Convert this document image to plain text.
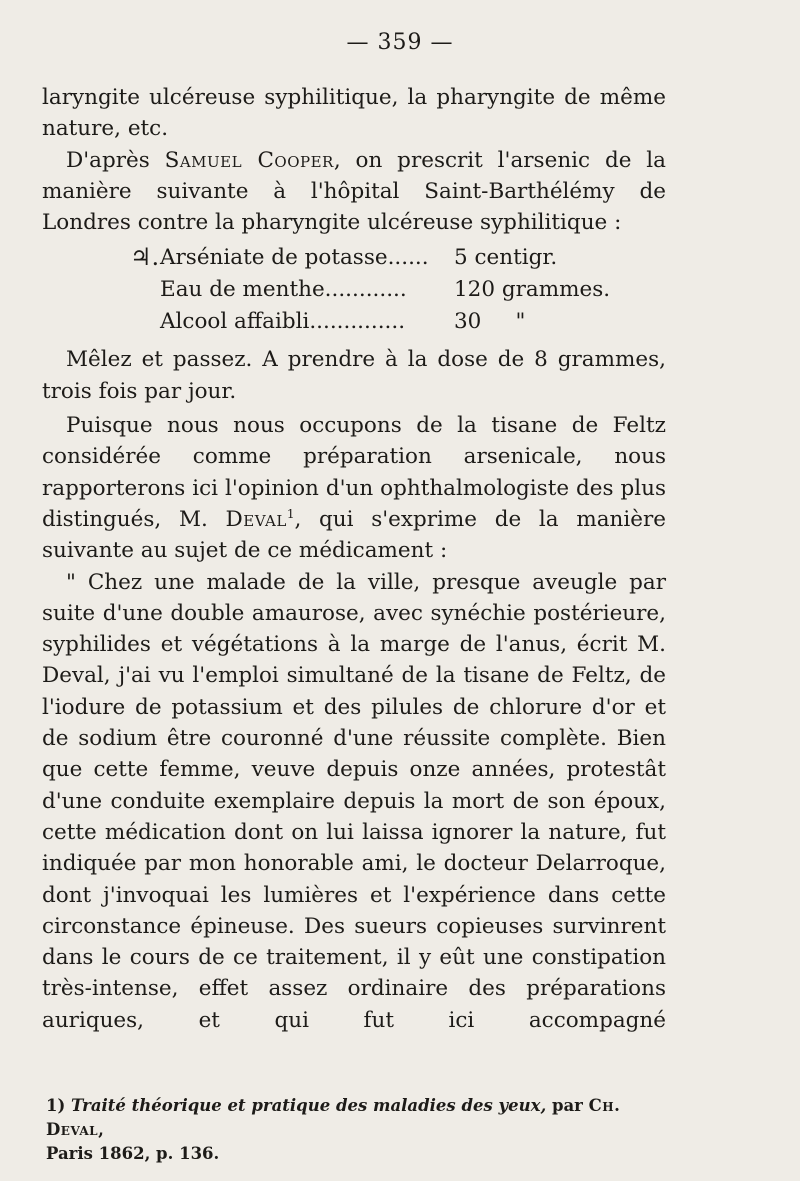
— 359 —

laryngite ulcéreuse syphilitique, la pharyngite de même nature, etc.

D'après Samuel Cooper, on prescrit l'arsenic de la manière suivante à l'hôpital Saint-Barthélémy de Londres contre la pharyngite ulcéreuse syphilitique :

♃. Arséniate de potasse...... 5 centigr.
Eau de menthe............ 120 grammes.
Alcool affaibli.............. 30     "

Mêlez et passez. A prendre à la dose de 8 grammes, trois fois par jour.

Puisque nous nous occupons de la tisane de Feltz considérée comme préparation arsenicale, nous rapporterons ici l'opinion d'un ophthalmologiste des plus distingués, M. Deval$^1$, qui s'exprime de la manière suivante au sujet de ce médicament :

" Chez une malade de la ville, presque aveugle par suite d'une double amaurose, avec synéchie postérieure, syphilides et végétations à la marge de l'anus, écrit M. Deval, j'ai vu l'emploi simultané de la tisane de Feltz, de l'iodure de potassium et des pilules de chlorure d'or et de sodium être couronné d'une réussite complète. Bien que cette femme, veuve depuis onze années, protestât d'une conduite exemplaire depuis la mort de son époux, cette médication dont on lui laissa ignorer la nature, fut indiquée par mon honorable ami, le docteur Delarroque, dont j'invoquai les lumières et l'expérience dans cette circonstance épineuse. Des sueurs copieuses survinrent dans le cours de ce traitement, il y eût une constipation très-intense, effet assez ordinaire des préparations auriques, et qui fut ici accompagné

1) Traité théorique et pratique des maladies des yeux, par Ch. Deval,
Paris 1862, p. 136.
